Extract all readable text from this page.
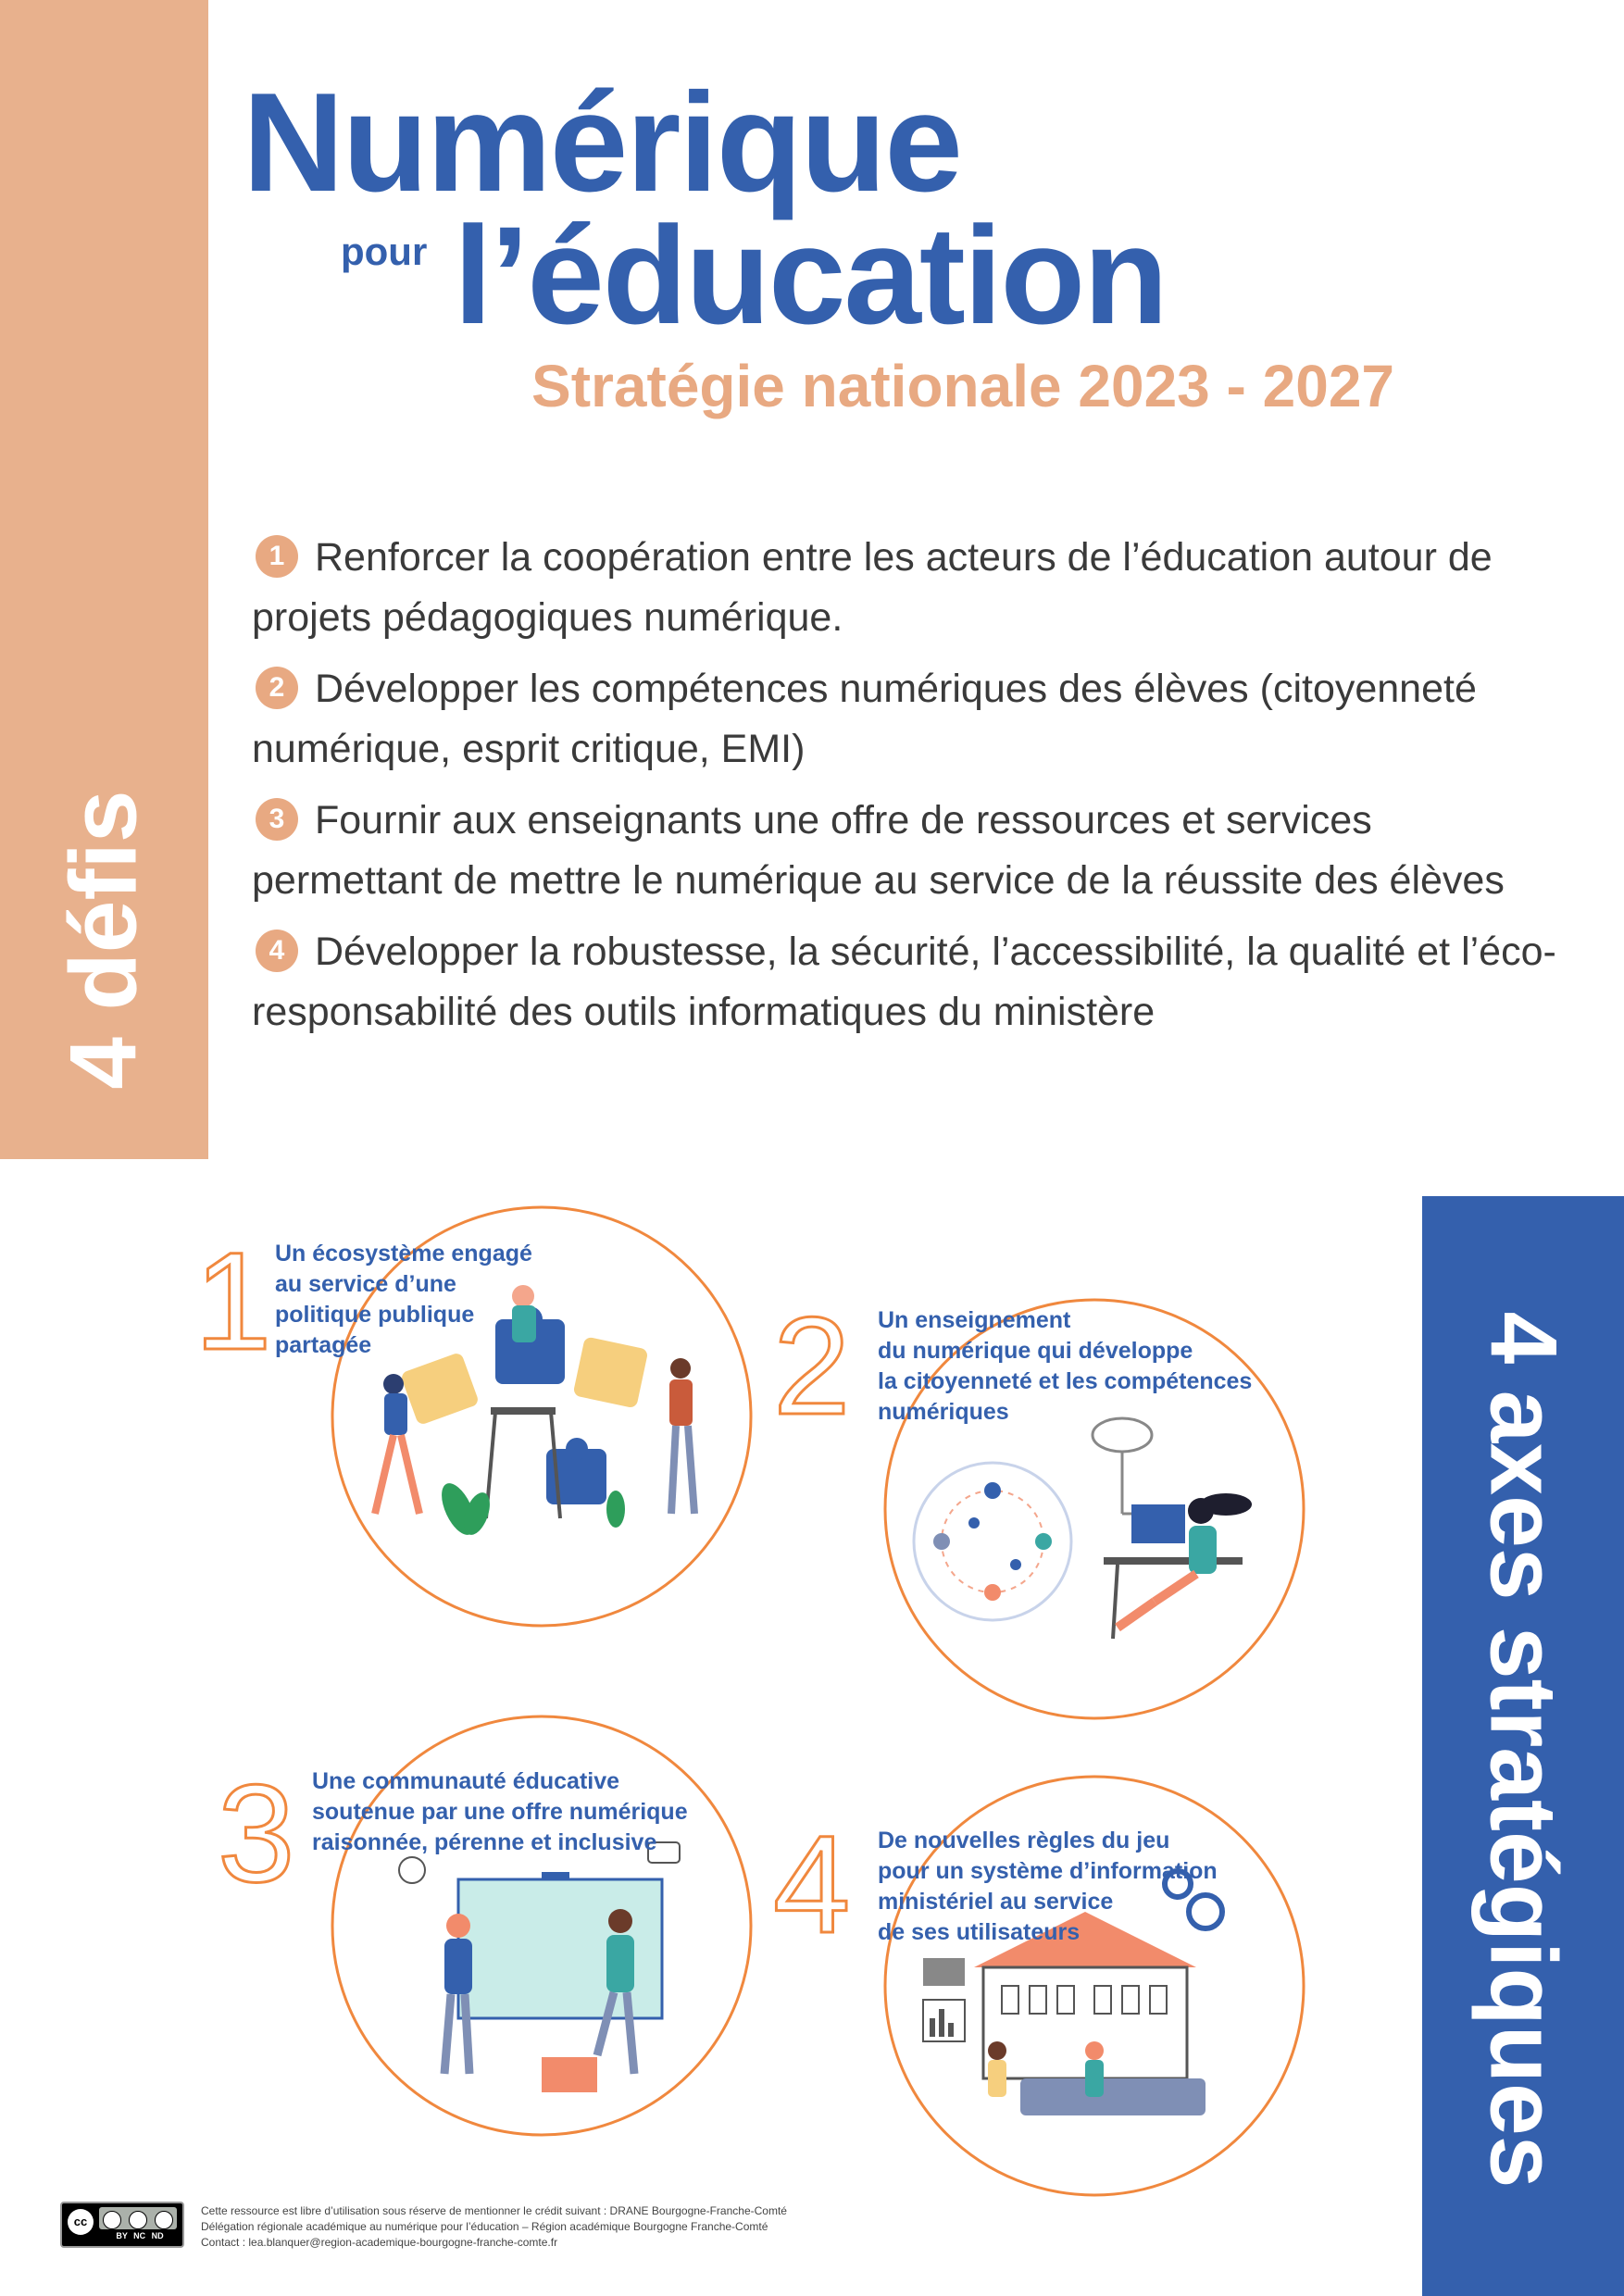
4 défis
4 axes stratégiques
Numérique
pour l’éducation
Stratégie nationale 2023 - 2027

1 Renforcer la coopération entre les acteurs de l’éducation autour de projets pédagogiques numérique.

2 Développer les compétences numériques des élèves (citoyenneté numérique, esprit critique, EMI)

3 Fournir aux enseignants une offre de ressources et services permettant de mettre le numérique au service de la réussite des élèves

4 Développer la robustesse, la sécurité, l’accessibilité, la qualité et l’éco-responsabilité des outils informatiques du ministère

1 Un écosystème engagé
au service d’une
politique publique
partagée	2 Un enseignement
du numérique qui développe
la citoyenneté et les compétences
numériques
3 Une communauté éducative
soutenue par une offre numérique
raisonnée, pérenne et inclusive 4 De nouvelles règles du jeu
pour un système d’information
ministériel au service
de ses utilisateurs
cc
BY NC ND
Cette ressource est libre d’utilisation sous réserve de mentionner le crédit suivant : DRANE Bourgogne-Franche-Comté
Délégation régionale académique au numérique pour l’éducation – Région académique Bourgogne Franche-Comté
Contact : lea.blanquer@region-academique-bourgogne-franche-comte.fr
